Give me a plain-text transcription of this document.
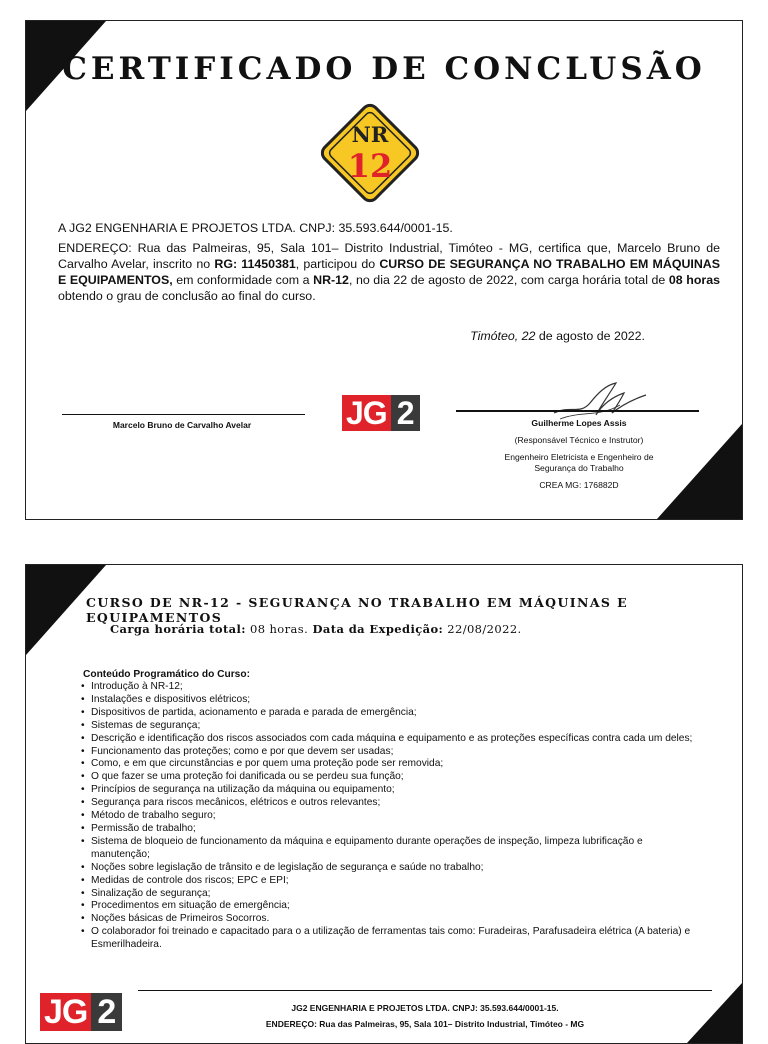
CERTIFICADO DE CONCLUSÃO
NR
12
A JG2 ENGENHARIA E PROJETOS LTDA. CNPJ: 35.593.644/0001-15.
ENDEREÇO: Rua das Palmeiras, 95, Sala 101– Distrito Industrial, Timóteo - MG, certifica que, Marcelo Bruno de Carvalho Avelar, inscrito no RG: 11450381, participou do CURSO DE SEGURANÇA NO TRABALHO EM MÁQUINAS E EQUIPAMENTOS, em conformidade com a NR-12, no dia 22 de agosto de 2022, com carga horária total de 08 horas obtendo o grau de conclusão ao final do curso.
Timóteo, 22 de agosto de 2022.
Marcelo Bruno de Carvalho Avelar	JG 2	Guilherme Lopes Assis
(Responsável Técnico e Instrutor)
Engenheiro Eletricista e Engenheiro de
Segurança do Trabalho
CREA MG: 176882D
CURSO DE NR-12 - SEGURANÇA NO TRABALHO EM MÁQUINAS E EQUIPAMENTOS
Carga horária total: 08 horas. Data da Expedição: 22/08/2022.
Conteúdo Programático do Curso:
• Introdução à NR-12;
• Instalações e dispositivos elétricos;
• Dispositivos de partida, acionamento e parada e parada de emergência;
• Sistemas de segurança;
• Descrição e identificação dos riscos associados com cada máquina e equipamento e as proteções específicas contra cada um deles;
• Funcionamento das proteções; como e por que devem ser usadas;
• Como, e em que circunstâncias e por quem uma proteção pode ser removida;
• O que fazer se uma proteção foi danificada ou se perdeu sua função;
• Princípios de segurança na utilização da máquina ou equipamento;
• Segurança para riscos mecânicos, elétricos e outros relevantes;
• Método de trabalho seguro;
• Permissão de trabalho;
• Sistema de bloqueio de funcionamento da máquina e equipamento durante operações de inspeção, limpeza lubrificação e manutenção;
• Noções sobre legislação de trânsito e de legislação de segurança e saúde no trabalho;
• Medidas de controle dos riscos; EPC e EPI;
• Sinalização de segurança;
• Procedimentos em situação de emergência;
• Noções básicas de Primeiros Socorros.
• O colaborador foi treinado e capacitado para o a utilização de ferramentas tais como: Furadeiras, Parafusadeira elétrica (A bateria) e Esmerilhadeira.
JG 2	JG2 ENGENHARIA E PROJETOS LTDA. CNPJ: 35.593.644/0001-15.
ENDEREÇO: Rua das Palmeiras, 95, Sala 101– Distrito Industrial, Timóteo - MG
